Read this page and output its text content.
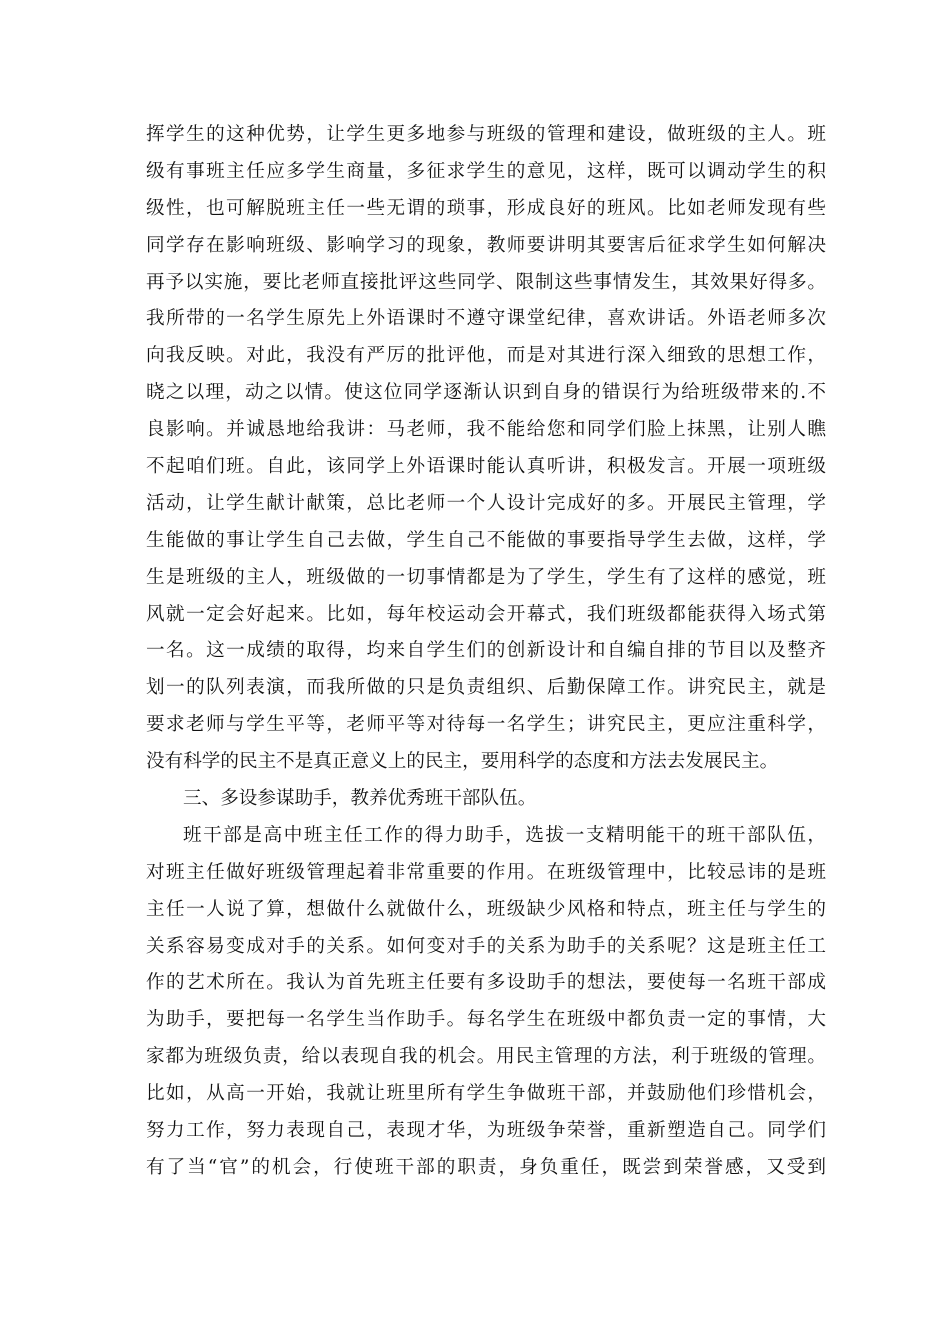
挥学生的这种优势，让学生更多地参与班级的管理和建设，做班级的主人。班
级有事班主任应多学生商量，多征求学生的意见，这样，既可以调动学生的积
级性，也可解脱班主任一些无谓的琐事，形成良好的班风。比如老师发现有些
同学存在影响班级、影响学习的现象，教师要讲明其要害后征求学生如何解决
再予以实施，要比老师直接批评这些同学、限制这些事情发生，其效果好得多。
我所带的一名学生原先上外语课时不遵守课堂纪律，喜欢讲话。外语老师多次
向我反映。对此，我没有严厉的批评他，而是对其进行深入细致的思想工作，
晓之以理，动之以情。使这位同学逐渐认识到自身的错误行为给班级带来的.不
良影响。并诚恳地给我讲：马老师，我不能给您和同学们脸上抹黑，让别人瞧
不起咱们班。自此，该同学上外语课时能认真听讲，积极发言。开展一项班级
活动，让学生献计献策，总比老师一个人设计完成好的多。开展民主管理，学
生能做的事让学生自己去做，学生自己不能做的事要指导学生去做，这样，学
生是班级的主人，班级做的一切事情都是为了学生，学生有了这样的感觉，班
风就一定会好起来。比如，每年校运动会开幕式，我们班级都能获得入场式第
一名。这一成绩的取得，均来自学生们的创新设计和自编自排的节目以及整齐
划一的队列表演，而我所做的只是负责组织、后勤保障工作。讲究民主，就是
要求老师与学生平等，老师平等对待每一名学生；讲究民主，更应注重科学，
没有科学的民主不是真正意义上的民主，要用科学的态度和方法去发展民主。
三、多设参谋助手，教养优秀班干部队伍。
班干部是高中班主任工作的得力助手，选拔一支精明能干的班干部队伍，
对班主任做好班级管理起着非常重要的作用。在班级管理中，比较忌讳的是班
主任一人说了算，想做什么就做什么，班级缺少风格和特点，班主任与学生的
关系容易变成对手的关系。如何变对手的关系为助手的关系呢？这是班主任工
作的艺术所在。我认为首先班主任要有多设助手的想法，要使每一名班干部成
为助手，要把每一名学生当作助手。每名学生在班级中都负责一定的事情，大
家都为班级负责，给以表现自我的机会。用民主管理的方法，利于班级的管理。
比如，从高一开始，我就让班里所有学生争做班干部，并鼓励他们珍惜机会，
努力工作，努力表现自己，表现才华，为班级争荣誉，重新塑造自己。同学们
有了当“官”的机会，行使班干部的职责，身负重任，既尝到荣誉感，又受到
